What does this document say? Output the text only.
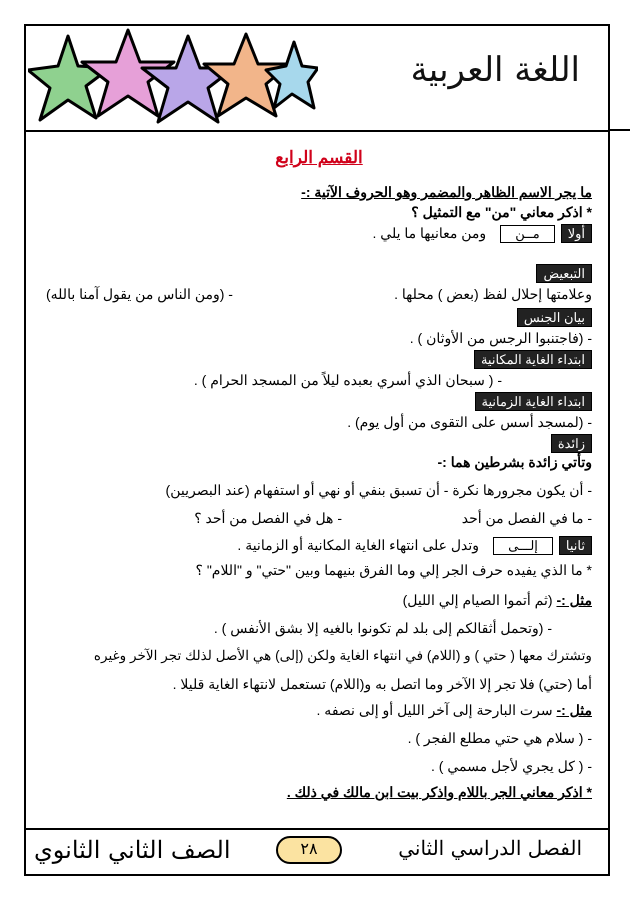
اللغة العربية
القسم الرابع
ما يجر الاسم الظاهر والمضمر وهو الحروف الآتية :-
* اذكر معاني "من" مع التمثيل ؟
أولامــنومن معانيها ما يلي .
التبعيض
وعلامتها إحلال لفظ (بعض ) محلها .
- (ومن الناس من يقول آمنا بالله)
بيان الجنس
- (فاجتنبوا الرجس من الأوثان ) .
ابتداء الغاية المكانية
- ( سبحان الذي أسري بعبده ليلاً من المسجد الحرام ) .
ابتداء الغاية الزمانية
- (لمسجد أسس على التقوى من أول يوم) .
زائدة
وتأتي زائدة بشرطين هما :-
- أن يكون مجرورها نكرة - أن تسبق بنفي أو نهي أو استفهام (عند البصريين)
- ما في الفصل من أحد
- هل في الفصل من أحد ؟
ثانياإلـــىوتدل على انتهاء الغاية المكانية أو الزمانية .
* ما الذي يفيده حرف الجر إلي وما الفرق بنيهما وبين "حتي" و "اللام" ؟
مثل :- (ثم أتموا الصيام إلي الليل)
- (وتحمل أثقالكم إلى بلد لم تكونوا بالغيه إلا بشق الأنفس ) .
وتشترك معها ( حتي ) و (اللام) في انتهاء الغاية ولكن (إلى) هي الأصل لذلك تجر الآخر وغيره
أما (حتي) فلا تجر إلا الآخر وما اتصل به و(اللام) تستعمل لانتهاء الغاية قليلا .
مثل :- سرت البارحة إلى آخر الليل أو إلى نصفه .
- ( سلام هي حتي مطلع الفجر ) .
- ( كل يجري لأجل مسمي ) .
* اذكر معاني الجر باللام واذكر بيت ابن مالك في ذلك .
الفصل الدراسي الثاني
٢٨
الصف الثاني الثانوي
